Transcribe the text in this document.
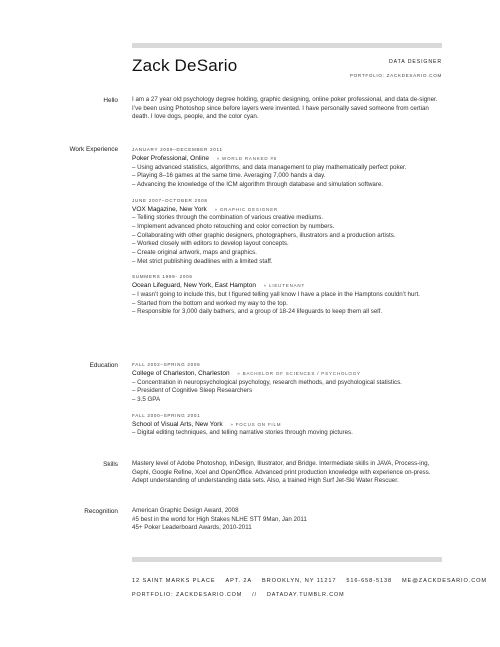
Zack DeSario	DATA DESIGNER
PORTFOLIO: ZACKDESARIO.COM
Hello I am a 27 year old psychology degree holding, graphic designing, online poker professional, and data de-signer. I’ve been using Photoshop since before layers were invented. I have personally saved someone from certian death. I love dogs, people, and the color cyan.

Work Experience	JANUARY 2009–DECEMBER 2011
Poker Professional, Online » WORLD RANKED #5
– Using advanced statistics, algorithms, and data management to play mathematically perfect poker.
– Playing 8–16 games at the same time. Averaging 7,000 hands a day.
– Advancing the knowledge of the ICM algorithm through database and simulation software.
JUNE 2007–OCTOBER 2008
VOX Magazine, New York » GRAPHIC DESIGNER
– Telling stories through the combination of various creative mediums.
– Implement advanced photo retouching and color correction by numbers.
– Collaborating with other graphic designers, photographers, illustrators and a production artists.
– Worked closely with editors to develop layout concepts.
– Create original artwork, maps and graphics.
– Met strict publishing deadlines with a limited staff.
SUMMERS 1999- 2006
Ocean Lifeguard, New York, East Hampton » LIEUTENANT
– I wasn’t going to include this, but I figured telling yall know I have a place in the Hamptons couldn’t hurt.
– Started from the bottom and worked my way to the top.
– Responsible for 3,000 daily bathers, and a group of 18-24 lifeguards to keep them all self.
Education	FALL 2002–SPRING 2006
College of Charleston, Charleston » BACHELOR OF SCIENCES / PSYCHOLOGY
– Concentration in neuropsychological psychology, research methods, and psychological statistics.
– President of Cognitive Sleep Researchers
– 3.5 GPA
FALL 2000–SPRING 2001
School of Visual Arts, New York » FOCUS ON FILM
– Digital editing techniques, and telling narrative stories through moving pictures.
Skills Mastery level of Adobe Photoshop, InDesign, Illustrator, and Bridge. Intermediate skills in JAVA, Process-ing, Gephi, Google Refine, Xcel and OpenOffice. Advanced print production knowledge with experience on-press. Adept understanding of understanding data sets. Also, a trained High Surf Jet-Ski Water Rescuer.

Recognition American Graphic Design Award, 2008

#5 best in the world for High Stakes NLHE STT 9Man, Jan 2011

45+ Poker Leaderboard Awards, 2010-2011

12 SAINT MARKS PLACE APT. 2A BROOKLYN, NY 11217 516-658-5138 ME@ZACKDESARIO.COM
PORTFOLIO: ZACKDESARIO.COM // DATADAY.TUMBLR.COM
